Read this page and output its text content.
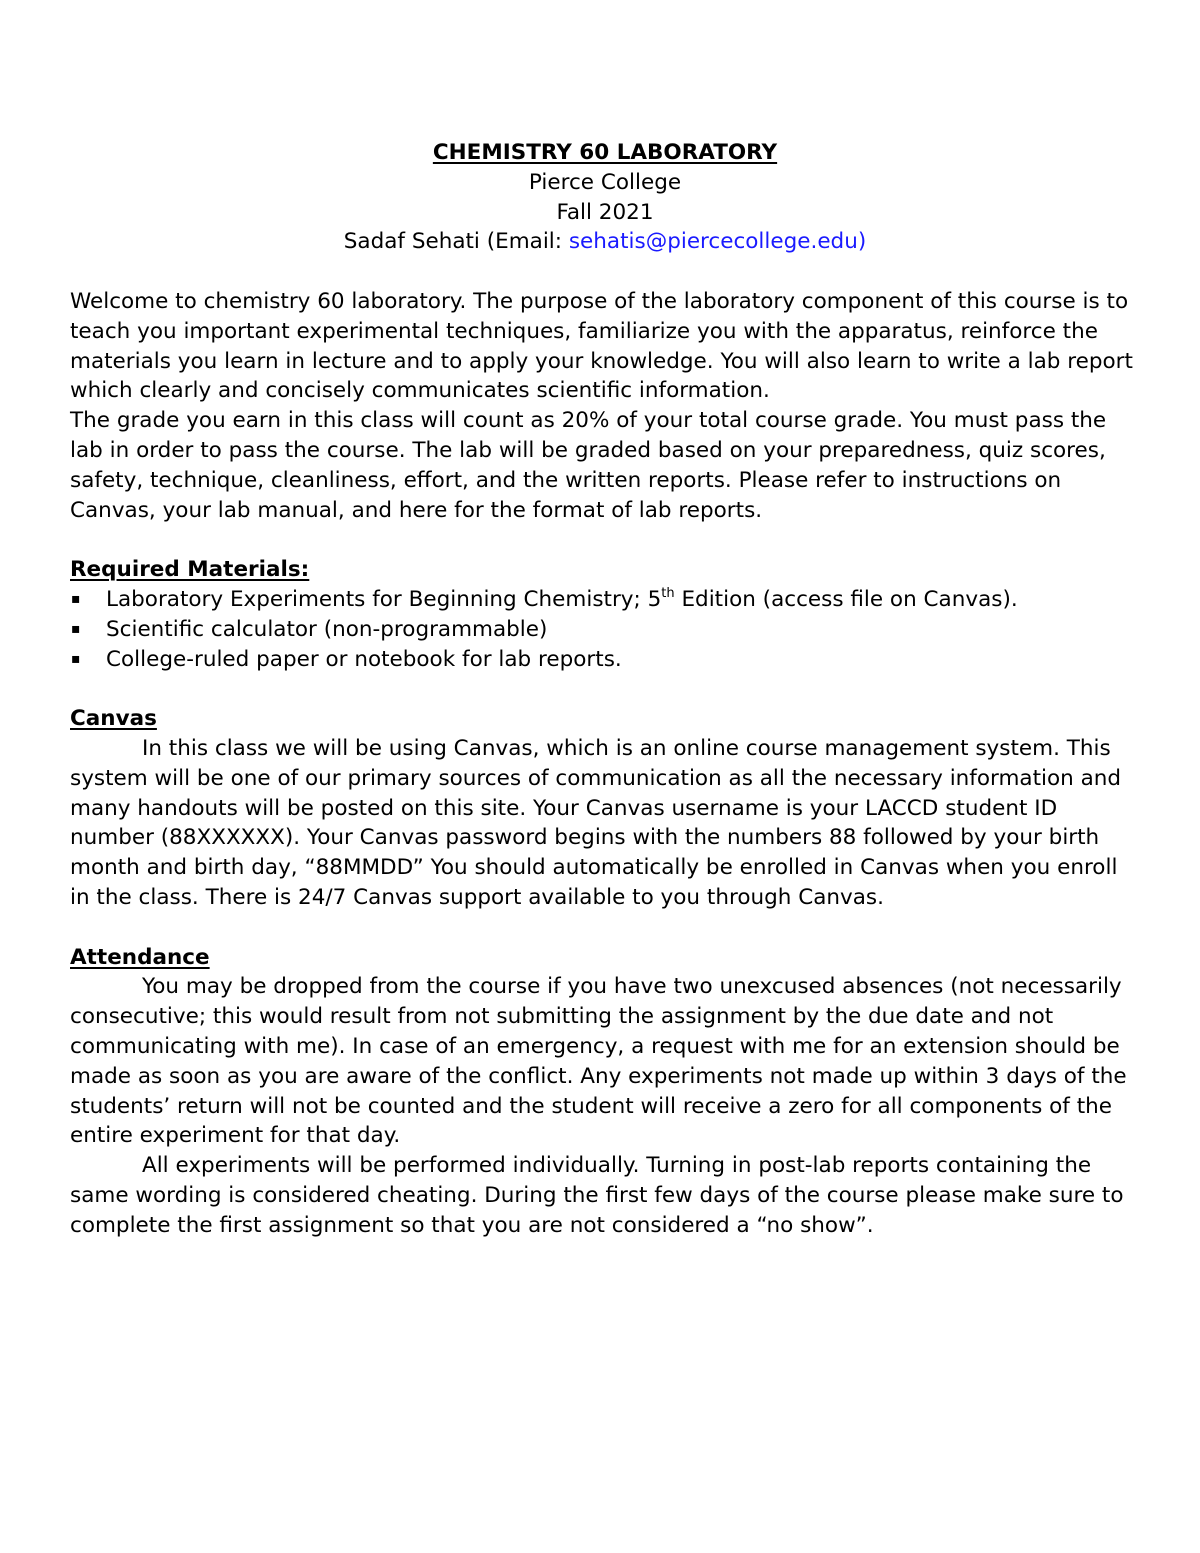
CHEMISTRY 60 LABORATORY
Pierce College
Fall 2021
Sadaf Sehati (Email: sehatis@piercecollege.edu)

Welcome to chemistry 60 laboratory. The purpose of the laboratory component of this course is to teach you important experimental techniques, familiarize you with the apparatus, reinforce the materials you learn in lecture and to apply your knowledge. You will also learn to write a lab report which clearly and concisely communicates scientific information.

The grade you earn in this class will count as 20% of your total course grade. You must pass the lab in order to pass the course. The lab will be graded based on your preparedness, quiz scores, safety, technique, cleanliness, effort, and the written reports. Please refer to instructions on Canvas, your lab manual, and here for the format of lab reports.

Required Materials:
▪ Laboratory Experiments for Beginning Chemistry; 5th Edition (access file on Canvas).
▪ Scientific calculator (non-programmable)
▪ College-ruled paper or notebook for lab reports.
Canvas

In this class we will be using Canvas, which is an online course management system. This system will be one of our primary sources of communication as all the necessary information and many handouts will be posted on this site. Your Canvas username is your LACCD student ID number (88XXXXXX). Your Canvas password begins with the numbers 88 followed by your birth month and birth day, “88MMDD” You should automatically be enrolled in Canvas when you enroll in the class. There is 24/7 Canvas support available to you through Canvas.

Attendance

You may be dropped from the course if you have two unexcused absences (not necessarily consecutive; this would result from not submitting the assignment by the due date and not communicating with me). In case of an emergency, a request with me for an extension should be made as soon as you are aware of the conflict. Any experiments not made up within 3 days of the students’ return will not be counted and the student will receive a zero for all components of the entire experiment for that day.

All experiments will be performed individually. Turning in post-lab reports containing the same wording is considered cheating. During the first few days of the course please make sure to complete the first assignment so that you are not considered a “no show”.
